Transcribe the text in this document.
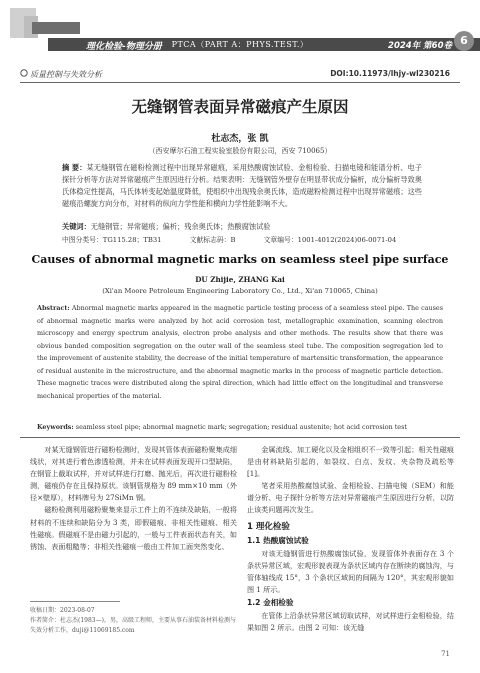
理化检验-物理分册	PTCA（PART A：PHYS.TEST.）	2024年 第60卷 6
质量控制与失效分析	DOI:10.11973/lhjy-wl230216
无缝钢管表面异常磁痕产生原因
杜志杰，张 凯
（西安摩尔石油工程实验室股份有限公司，西安 710065）
摘 要：某无缝钢管在磁粉检测过程中出现异常磁痕，采用热酸腐蚀试验、金相检验、扫描电镜和能谱分析、电子探针分析等方法对异常磁痕产生原因进行分析。结果表明：无缝钢管外壁存在明显带状成分偏析，成分偏析导致奥氏体稳定性提高，马氏体转变起始温度降低，使组织中出现残余奥氏体，造成磁粉检测过程中出现异常磁痕；这些磁痕沿螺旋方向分布，对材料的纵向力学性能和横向力学性能影响不大。
关键词：无缝钢管；异常磁痕；偏析；残余奥氏体；热酸腐蚀试验
中图分类号：TG115.28；TB31	文献标志码：B	文章编号：1001-4012(2024)06-0071-04
Causes of abnormal magnetic marks on seamless steel pipe surface
DU Zhijie, ZHANG Kai
(Xi'an Moore Petroleum Engineering Laboratory Co., Ltd., Xi'an 710065, China)
Abstract: Abnormal magnetic marks appeared in the magnetic particle testing process of a seamless steel pipe. The causes of abnormal magnetic marks were analyzed by hot acid corrosion test, metallographic examination, scanning electron microscopy and energy spectrum analysis, electron probe analysis and other methods. The results show that there was obvious banded composition segregation on the outer wall of the seamless steel tube. The composition segregation led to the improvement of austenite stability, the decrease of the initial temperature of martensitic transformation, the appearance of residual austenite in the microstructure, and the abnormal magnetic marks in the process of magnetic particle detection. These magnetic traces were distributed along the spiral direction, which had little effect on the longitudinal and transverse mechanical properties of the material.
Keywords: seamless steel pipe; abnormal magnetic mark; segregation; residual austenite; hot acid corrosion test

对某无缝钢管进行磁粉检测时，发现其管体表面磁粉聚集成细线状，对其进行着色渗透检测，并未在试样表面发现开口型缺陷，在钢管上截取试样，并对试样进行打磨、抛光后，再次进行磁粉检测，磁痕仍存在且保持原状。该钢管规格为 89 mm×10 mm（外径×壁厚），材料牌号为 27SiMn 钢。

磁粉检测利用磁粉聚集来显示工件上的不连续及缺陷，一般将材料的不连续和缺陷分为 3 类，即假磁痕、非相关性磁痕、相关性磁痕。假磁痕不是由磁力引起的，一般与工件表面状态有关，如锈蚀、表面粗糙等；非相关性磁痕一般由工件加工面突然变化、

金属流线、加工硬化以及金相组织不一致等引起；相关性磁痕是由材料缺陷引起的，如裂纹、白点、发纹、夹杂物及疏松等[1]。

笔者采用热酸腐蚀试验、金相检验、扫描电镜（SEM）和能谱分析、电子探针分析等方法对异常磁痕产生原因进行分析，以防止该类问题再次发生。

1 理化检验
1.1 热酸腐蚀试验

对该无缝钢管进行热酸腐蚀试验，发现管体外表面存在 3 个条状异常区域，宏观形貌表现为条状区域内存在断续的腐蚀沟，与管体轴线成 15°，3 个条状区域间的间隔为 120°，其宏观形貌如图 1 所示。

1.2 金相检验

在管体上沿条状异常区域切取试样，对试样进行金相检验，结果如图 2 所示。由图 2 可知：该无缝

收稿日期：2023-08-07
作者简介：杜志杰(1983—)，男，高级工程师，主要从事石油装备材料检测与失效分析工作，duji@11069185.com
71
